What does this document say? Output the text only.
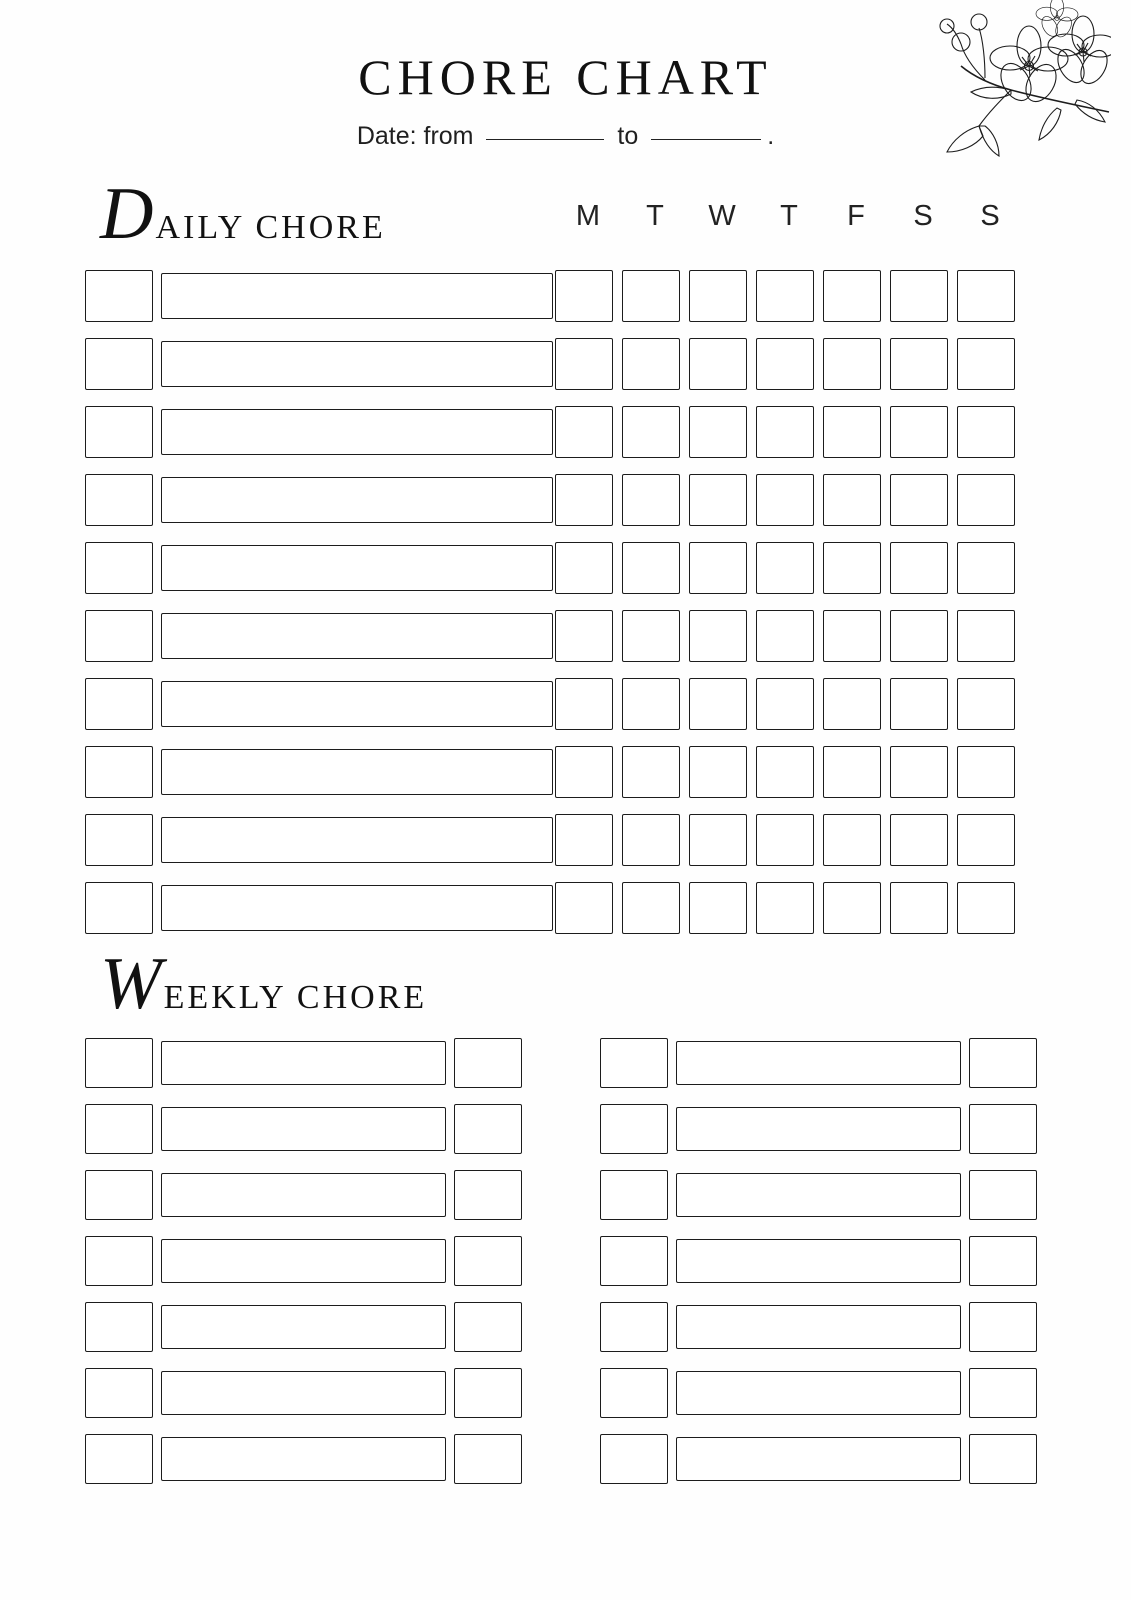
CHORE CHART
Date: from	to	.
D AILY CHORE	M	T	W	T	F	S	S
W EEKLY CHORE
